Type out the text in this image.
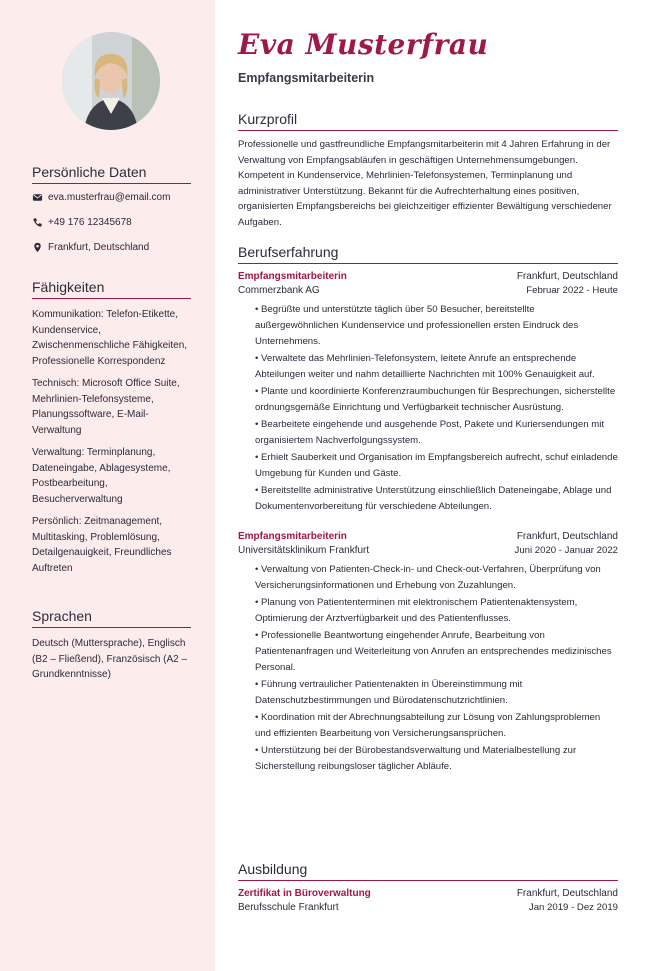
Persönliche Daten
eva.musterfrau@email.com
+49 176 12345678
Frankfurt, Deutschland
Fähigkeiten
Kommunikation: Telefon-Etikette, Kundenservice, Zwischenmenschliche Fähigkeiten, Professionelle Korrespondenz
Technisch: Microsoft Office Suite, Mehrlinien-Telefonsysteme, Planungssoftware, E-Mail-Verwaltung
Verwaltung: Terminplanung, Dateneingabe, Ablagesysteme, Postbearbeitung, Besucherverwaltung
Persönlich: Zeitmanagement, Multitasking, Problemlösung, Detailgenauigkeit, Freundliches Auftreten
Sprachen
Deutsch (Muttersprache), Englisch (B2 – Fließend), Französisch (A2 – Grundkenntnisse)
Eva Musterfrau
Empfangsmitarbeiterin
Kurzprofil
Professionelle und gastfreundliche Empfangsmitarbeiterin mit 4 Jahren Erfahrung in der Verwaltung von Empfangsabläufen in geschäftigen Unternehmensumgebungen. Kompetent in Kundenservice, Mehrlinien-Telefonsystemen, Terminplanung und administrativer Unterstützung. Bekannt für die Aufrechterhaltung eines positiven, organisierten Empfangsbereichs bei gleichzeitiger effizienter Bewältigung verschiedener Aufgaben.
Berufserfahrung
Empfangsmitarbeiterin	Frankfurt, Deutschland
Commerzbank AG	Februar 2022 - Heute
• Begrüßte und unterstützte täglich über 50 Besucher, bereitstellte außergewöhnlichen Kundenservice und professionellen ersten Eindruck des Unternehmens.
• Verwaltete das Mehrlinien-Telefonsystem, leitete Anrufe an entsprechende Abteilungen weiter und nahm detaillierte Nachrichten mit 100% Genauigkeit auf.
• Plante und koordinierte Konferenzraumbuchungen für Besprechungen, sicherstellte ordnungsgemäße Einrichtung und Verfügbarkeit technischer Ausrüstung.
• Bearbeitete eingehende und ausgehende Post, Pakete und Kuriersendungen mit organisiertem Nachverfolgungssystem.
• Erhielt Sauberkeit und Organisation im Empfangsbereich aufrecht, schuf einladende Umgebung für Kunden und Gäste.
• Bereitstellte administrative Unterstützung einschließlich Dateneingabe, Ablage und Dokumentenvorbereitung für verschiedene Abteilungen.
Empfangsmitarbeiterin	Frankfurt, Deutschland
Universitätsklinikum Frankfurt	Juni 2020 - Januar 2022
• Verwaltung von Patienten-Check-in- und Check-out-Verfahren, Überprüfung von Versicherungsinformationen und Erhebung von Zuzahlungen.
• Planung von Patiententerminen mit elektronischem Patientenaktensystem, Optimierung der Arztverfügbarkeit und des Patientenflusses.
• Professionelle Beantwortung eingehender Anrufe, Bearbeitung von Patientenanfragen und Weiterleitung von Anrufen an entsprechendes medizinisches Personal.
• Führung vertraulicher Patientenakten in Übereinstimmung mit Datenschutzbestimmungen und Bürodatenschutzrichtlinien.
• Koordination mit der Abrechnungsabteilung zur Lösung von Zahlungsproblemen und effizienten Bearbeitung von Versicherungsansprüchen.
• Unterstützung bei der Bürobestandsverwaltung und Materialbestellung zur Sicherstellung reibungsloser täglicher Abläufe.
Ausbildung
Zertifikat in Büroverwaltung	Frankfurt, Deutschland
Berufsschule Frankfurt	Jan 2019 - Dez 2019
